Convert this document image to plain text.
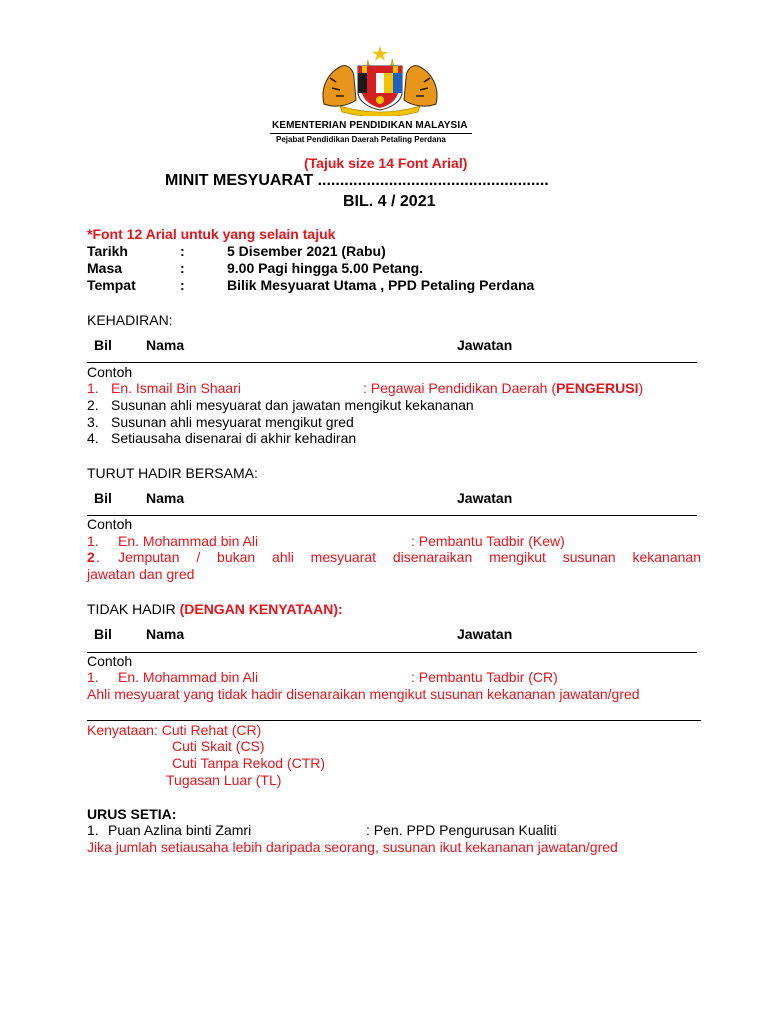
KEMENTERIAN PENDIDIKAN MALAYSIA
Pejabat Pendidikan Daerah Petaling Perdana
(Tajuk size 14 Font Arial)
MINIT MESYUARAT ....................................................
BIL. 4 / 2021
*Font 12 Arial untuk yang selain tajuk
Tarikh	:	5 Disember 2021 (Rabu)
Masa	:	9.00 Pagi hingga 5.00 Petang.
Tempat	:	Bilik Mesyuarat Utama , PPD Petaling Perdana
KEHADIRAN:
Bil Nama	Jawatan
Contoh
1. En. Ismail Bin Shaari	: Pegawai Pendidikan Daerah (PENGERUSI)
2. Susunan ahli mesyuarat dan jawatan mengikut kekananan
3. Susunan ahli mesyuarat mengikut gred
4. Setiausaha disenarai di akhir kehadiran
TURUT HADIR BERSAMA:
Bil Nama	Jawatan
Contoh
1. En. Mohammad bin Ali	: Pembantu Tadbir (Kew)
2 . Jemputan / bukan ahli mesyuarat disenaraikan mengikut susunan kekananan
jawatan dan gred
TIDAK HADIR (DENGAN KENYATAAN):
Bil Nama	Jawatan
Contoh
1. En. Mohammad bin Ali	: Pembantu Tadbir (CR)
Ahli mesyuarat yang tidak hadir disenaraikan mengikut susunan kekananan jawatan/gred
Kenyataan: Cuti Rehat (CR)
Cuti Skait (CS)
Cuti Tanpa Rekod (CTR)
Tugasan Luar (TL)
URUS SETIA:
1. Puan Azlina binti Zamri	: Pen. PPD Pengurusan Kualiti
Jika jumlah setiausaha lebih daripada seorang, susunan ikut kekananan jawatan/gred
